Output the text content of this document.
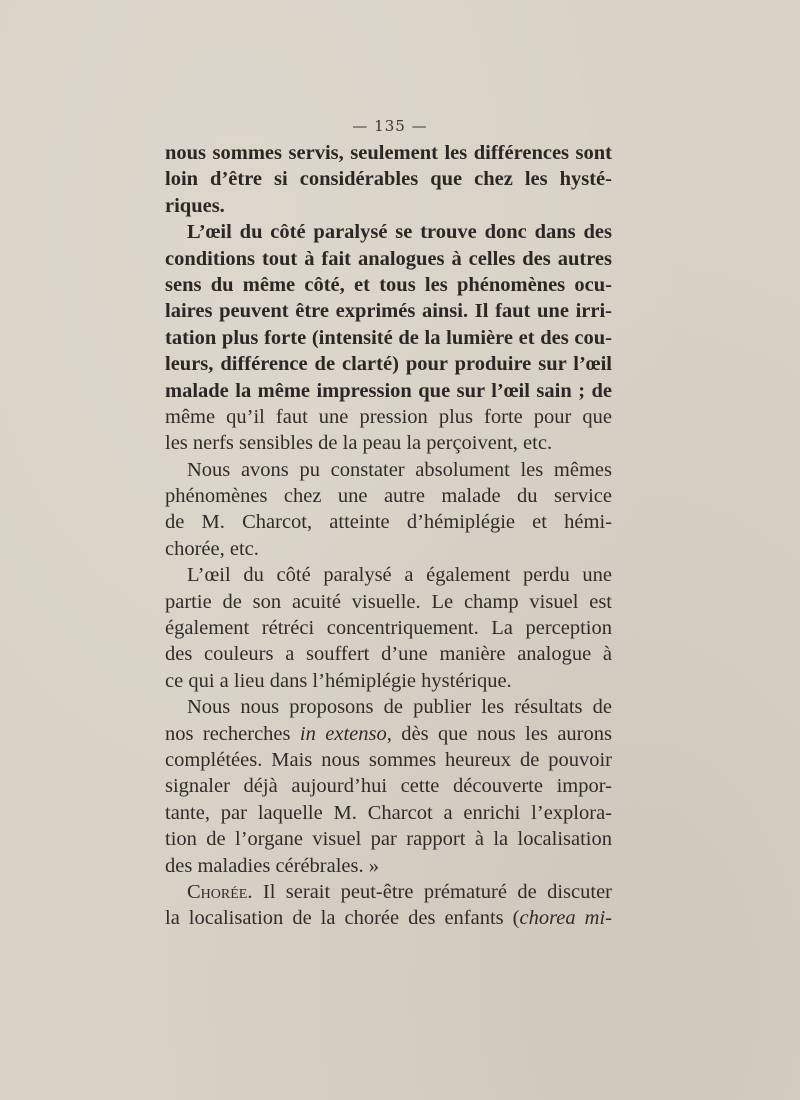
— 135 —
nous sommes servis, seulement les différences sont
loin d’être si considérables que chez les hysté-
riques.
L’œil du côté paralysé se trouve donc dans des
conditions tout à fait analogues à celles des autres
sens du même côté, et tous les phénomènes ocu-
laires peuvent être exprimés ainsi. Il faut une irri-
tation plus forte (intensité de la lumière et des cou-
leurs, différence de clarté) pour produire sur l’œil
malade la même impression que sur l’œil sain ; de
même qu’il faut une pression plus forte pour que
les nerfs sensibles de la peau la perçoivent, etc.
Nous avons pu constater absolument les mêmes
phénomènes chez une autre malade du service
de M. Charcot, atteinte d’hémiplégie et hémi-
chorée, etc.
L’œil du côté paralysé a également perdu une
partie de son acuité visuelle. Le champ visuel est
également rétréci concentriquement. La perception
des couleurs a souffert d’une manière analogue à
ce qui a lieu dans l’hémiplégie hystérique.
Nous nous proposons de publier les résultats de
nos recherches in extenso, dès que nous les aurons
complétées. Mais nous sommes heureux de pouvoir
signaler déjà aujourd’hui cette découverte impor-
tante, par laquelle M. Charcot a enrichi l’explora-
tion de l’organe visuel par rapport à la localisation
des maladies cérébrales. »
Chorée. Il serait peut-être prématuré de discuter
la localisation de la chorée des enfants (chorea mi-
